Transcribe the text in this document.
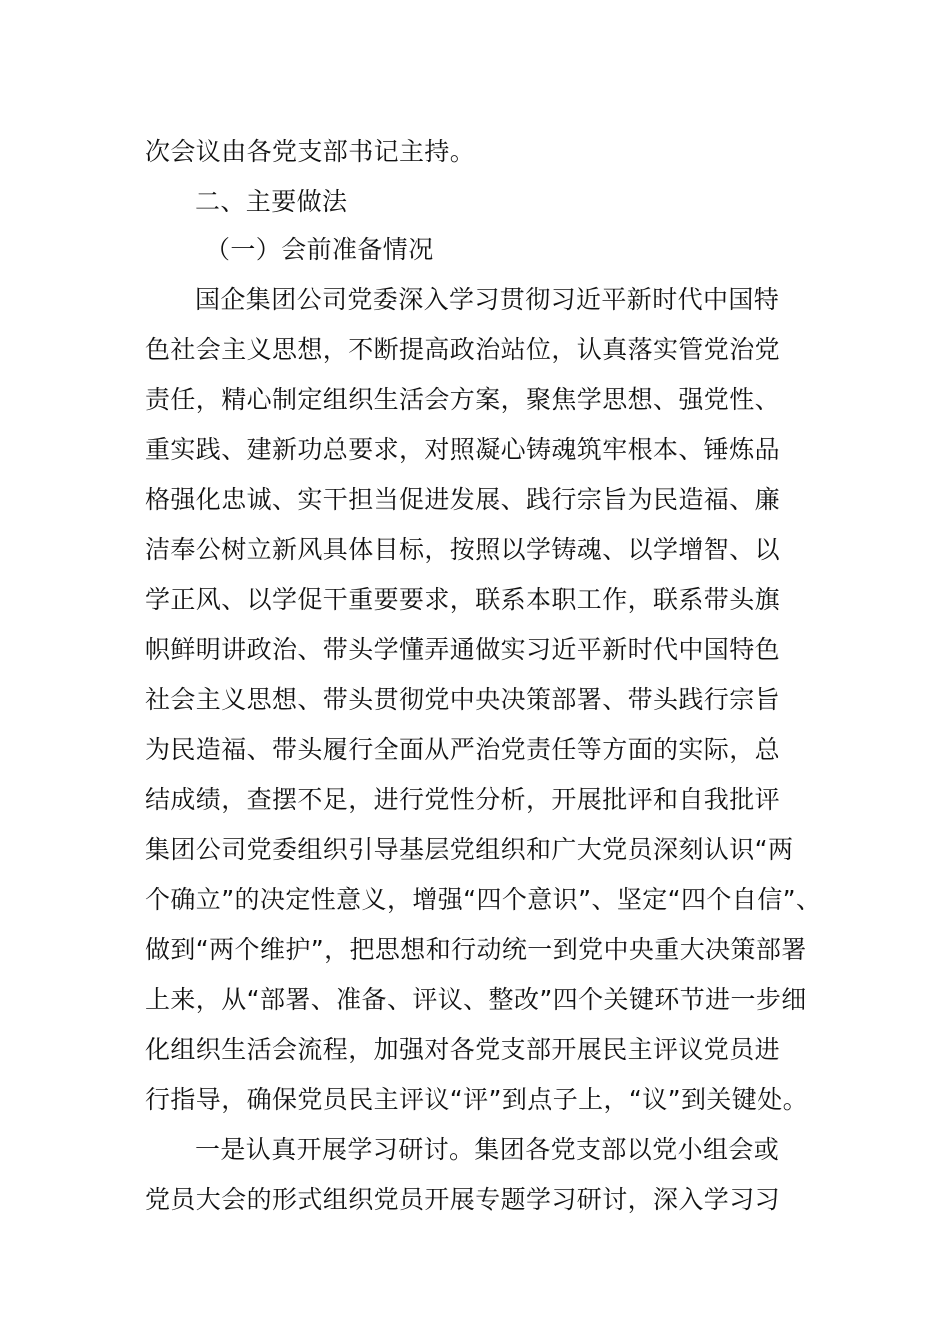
次会议由各党支部书记主持。
二、主要做法
（一）会前准备情况
国企集团公司党委深入学习贯彻习近平新时代中国特
色社会主义思想，不断提高政治站位，认真落实管党治党
责任，精心制定组织生活会方案，聚焦学思想、强党性、
重实践、建新功总要求，对照凝心铸魂筑牢根本、锤炼品
格强化忠诚、实干担当促进发展、践行宗旨为民造福、廉
洁奉公树立新风具体目标，按照以学铸魂、以学增智、以
学正风、以学促干重要要求，联系本职工作，联系带头旗
帜鲜明讲政治、带头学懂弄通做实习近平新时代中国特色
社会主义思想、带头贯彻党中央决策部署、带头践行宗旨
为民造福、带头履行全面从严治党责任等方面的实际，总
结成绩，查摆不足，进行党性分析，开展批评和自我批评
集团公司党委组织引导基层党组织和广大党员深刻认识“两
个确立”的决定性意义，增强“四个意识”、坚定“四个自信”、
做到“两个维护”，把思想和行动统一到党中央重大决策部署
上来，从“部署、准备、评议、整改”四个关键环节进一步细
化组织生活会流程，加强对各党支部开展民主评议党员进
行指导，确保党员民主评议“评”到点子上，“议”到关键处。
一是认真开展学习研讨。集团各党支部以党小组会或
党员大会的形式组织党员开展专题学习研讨，深入学习习
